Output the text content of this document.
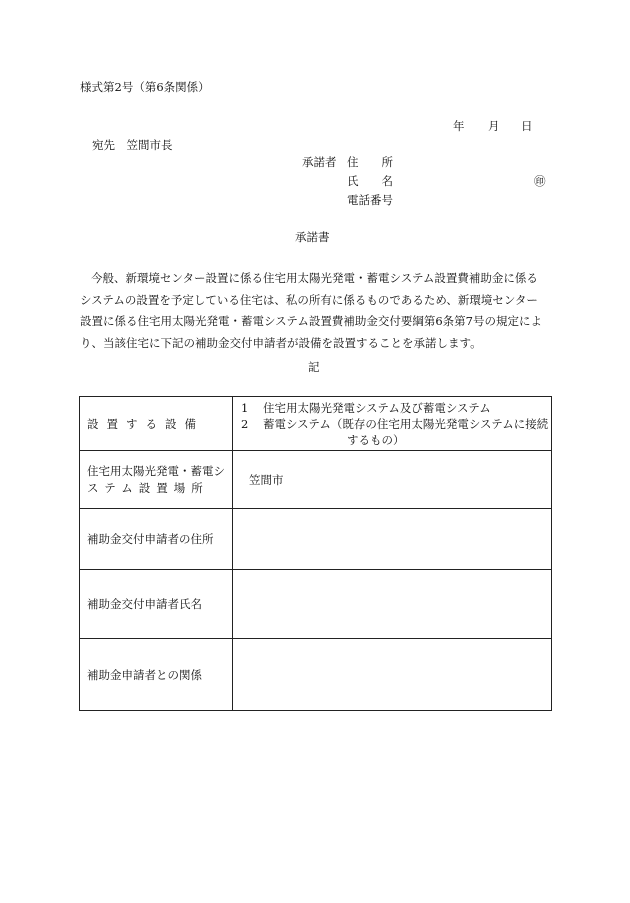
様式第2号（第6条関係）
年 月 日
宛先　笠間市長
承諾者 住　　所
氏　　名	㊞
電話番号
承諾書
今般、新環境センター設置に係る住宅用太陽光発電・蓄電システム設置費補助金に係る
システムの設置を予定している住宅は、私の所有に係るものであるため、新環境センター
設置に係る住宅用太陽光発電・蓄電システム設置費補助金交付要綱第6条第7号の規定によ
り、当該住宅に下記の補助金交付申請者が設備を設置することを承諾します。
記
設置する設備	1 住宅用太陽光発電システム及び蓄電システム
2 蓄電システム（既存の住宅用太陽光発電システムに接続
するもの）

住宅用太陽光発電・蓄電シ
ステム設置場所	笠間市
補助金交付申請者の住所	
補助金交付申請者氏名	
補助金申請者との関係	
